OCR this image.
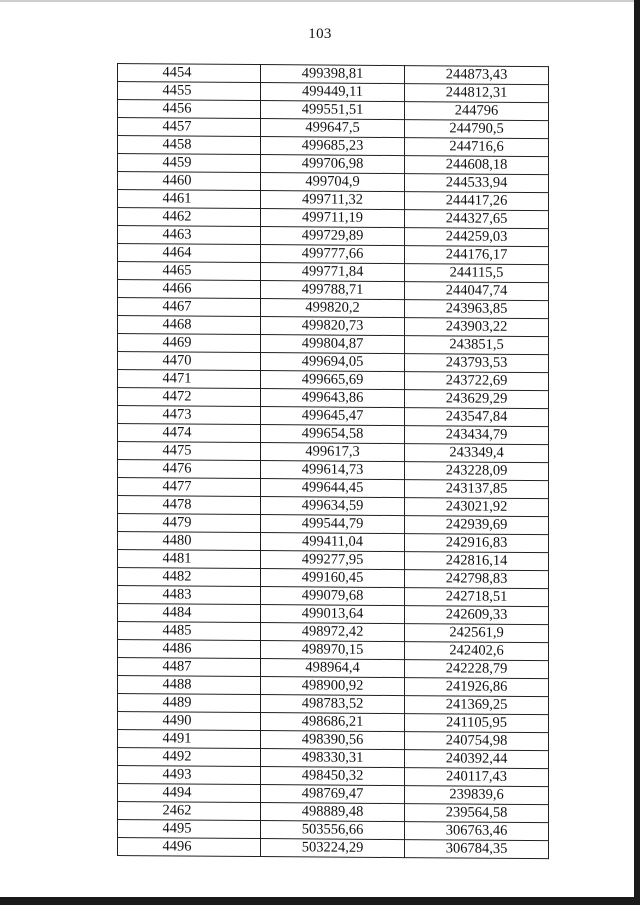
103
4454	499398,81	244873,43
4455	499449,11	244812,31
4456	499551,51	244796
4457	499647,5	244790,5
4458	499685,23	244716,6
4459	499706,98	244608,18
4460	499704,9	244533,94
4461	499711,32	244417,26
4462	499711,19	244327,65
4463	499729,89	244259,03
4464	499777,66	244176,17
4465	499771,84	244115,5
4466	499788,71	244047,74
4467	499820,2	243963,85
4468	499820,73	243903,22
4469	499804,87	243851,5
4470	499694,05	243793,53
4471	499665,69	243722,69
4472	499643,86	243629,29
4473	499645,47	243547,84
4474	499654,58	243434,79
4475	499617,3	243349,4
4476	499614,73	243228,09
4477	499644,45	243137,85
4478	499634,59	243021,92
4479	499544,79	242939,69
4480	499411,04	242916,83
4481	499277,95	242816,14
4482	499160,45	242798,83
4483	499079,68	242718,51
4484	499013,64	242609,33
4485	498972,42	242561,9
4486	498970,15	242402,6
4487	498964,4	242228,79
4488	498900,92	241926,86
4489	498783,52	241369,25
4490	498686,21	241105,95
4491	498390,56	240754,98
4492	498330,31	240392,44
4493	498450,32	240117,43
4494	498769,47	239839,6
2462	498889,48	239564,58
4495	503556,66	306763,46
4496	503224,29	306784,35
